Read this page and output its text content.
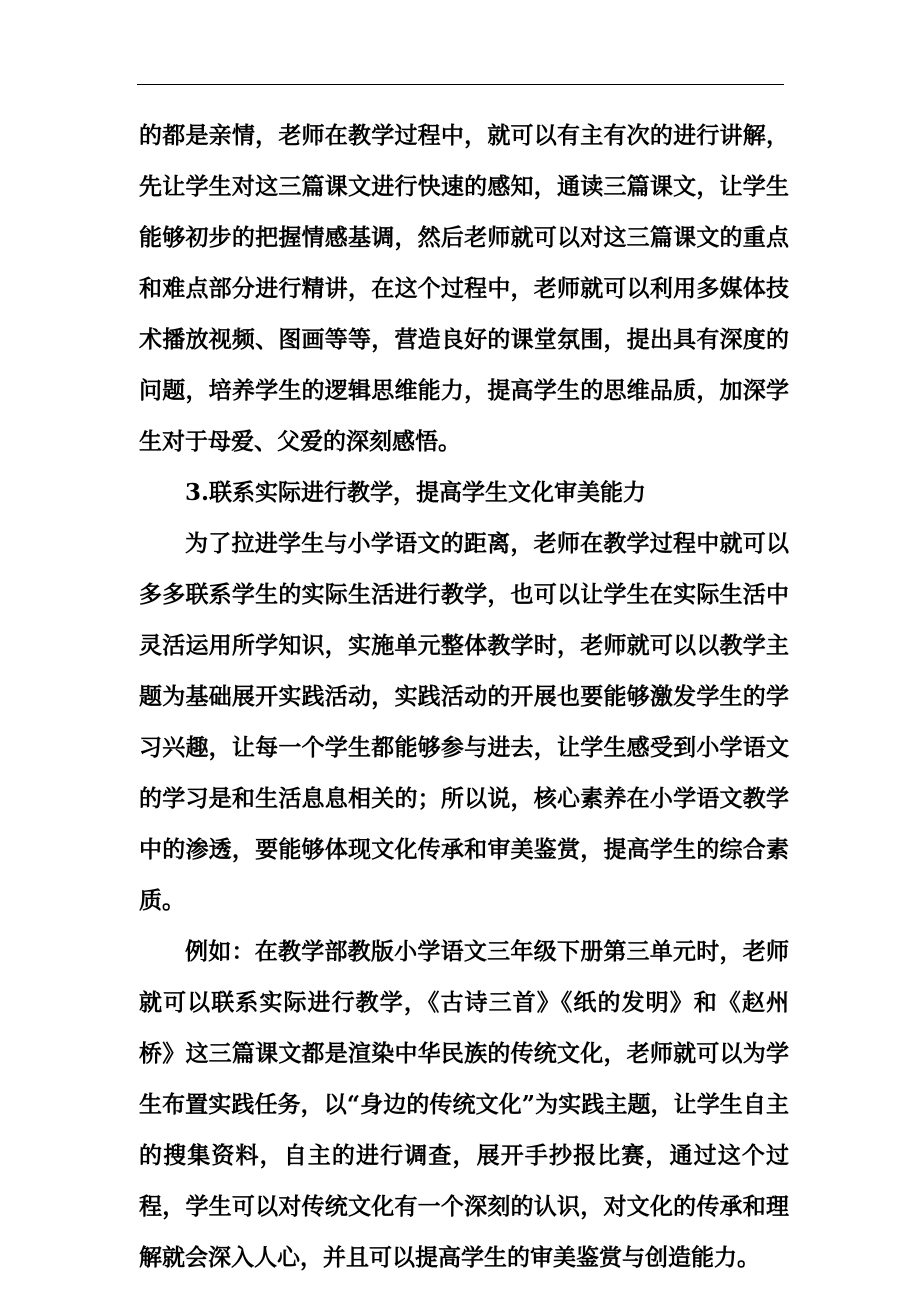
的都是亲情，老师在教学过程中，就可以有主有次的进行讲解，先让学生对这三篇课文进行快速的感知，通读三篇课文，让学生能够初步的把握情感基调，然后老师就可以对这三篇课文的重点和难点部分进行精讲，在这个过程中，老师就可以利用多媒体技术播放视频、图画等等，营造良好的课堂氛围，提出具有深度的问题，培养学生的逻辑思维能力，提高学生的思维品质，加深学生对于母爱、父爱的深刻感悟。

3.联系实际进行教学，提高学生文化审美能力

为了拉进学生与小学语文的距离，老师在教学过程中就可以多多联系学生的实际生活进行教学，也可以让学生在实际生活中灵活运用所学知识，实施单元整体教学时，老师就可以以教学主题为基础展开实践活动，实践活动的开展也要能够激发学生的学习兴趣，让每一个学生都能够参与进去，让学生感受到小学语文的学习是和生活息息相关的；所以说，核心素养在小学语文教学中的渗透，要能够体现文化传承和审美鉴赏，提高学生的综合素质。

例如：在教学部教版小学语文三年级下册第三单元时，老师就可以联系实际进行教学，《古诗三首》《纸的发明》和《赵州桥》这三篇课文都是渲染中华民族的传统文化，老师就可以为学生布置实践任务，以“身边的传统文化”为实践主题，让学生自主的搜集资料，自主的进行调查，展开手抄报比赛，通过这个过程，学生可以对传统文化有一个深刻的认识，对文化的传承和理解就会深入人心，并且可以提高学生的审美鉴赏与创造能力。
